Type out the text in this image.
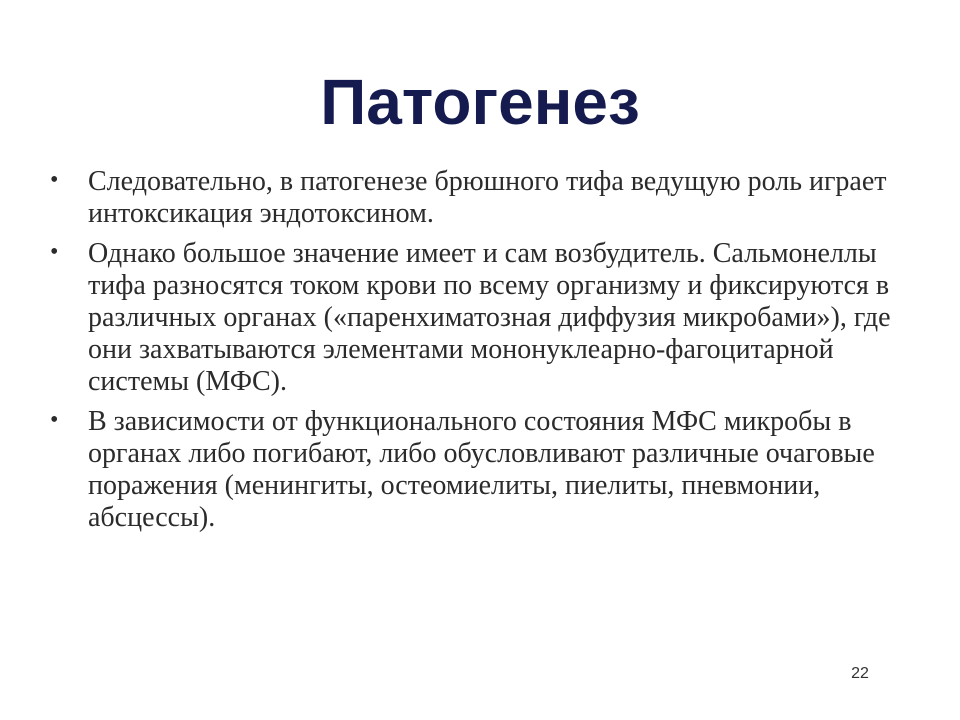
Патогенез
• Следовательно, в патогенезе брюшного тифа ведущую роль играет интоксикация эндотоксином.
• Однако большое значение имеет и сам возбудитель. Сальмонеллы тифа разносятся током крови по всему организму и фиксируются в различных органах («паренхиматозная диффузия микробами»), где они захватываются элементами мононуклеарно-фагоцитарной системы (МФС).
• В зависимости от функционального состояния МФС микробы в органах либо погибают, либо обусловливают различные очаговые поражения (менингиты, остеомиелиты, пиелиты, пневмонии, абсцессы).
22
